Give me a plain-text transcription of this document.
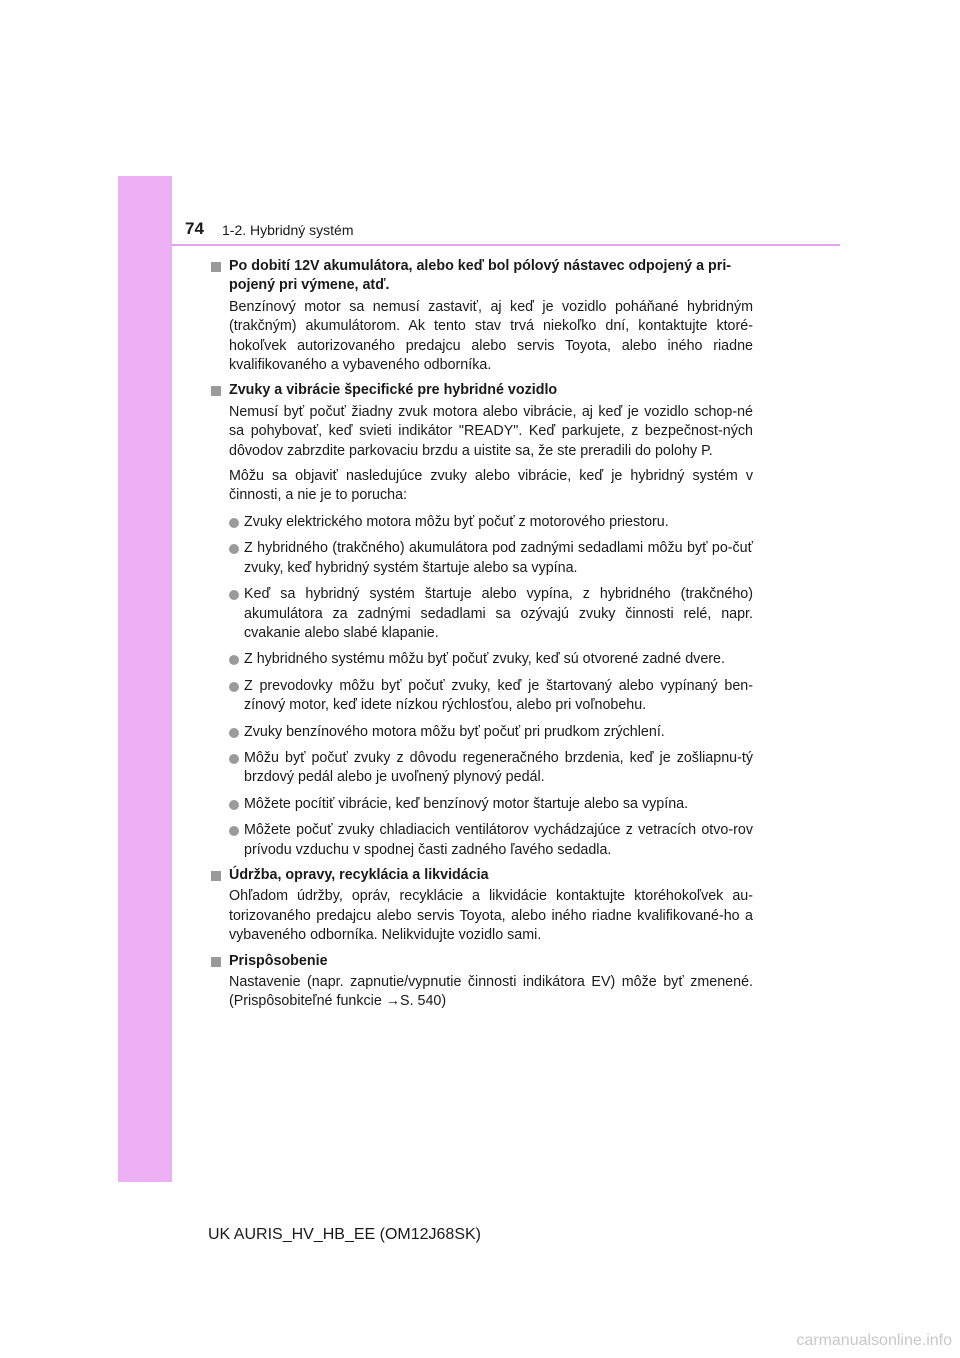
74 1-2. Hybridný systém
Po dobití 12V akumulátora, alebo keď bol pólový nástavec odpojený a pri-pojený pri výmene, atď.
Benzínový motor sa nemusí zastaviť, aj keď je vozidlo poháňané hybridným (trakčným) akumulátorom. Ak tento stav trvá niekoľko dní, kontaktujte ktoré-hokoľvek autorizovaného predajcu alebo servis Toyota, alebo iného riadne kvalifikovaného a vybaveného odborníka.
Zvuky a vibrácie špecifické pre hybridné vozidlo
Nemusí byť počuť žiadny zvuk motora alebo vibrácie, aj keď je vozidlo schop-né sa pohybovať, keď svieti indikátor "READY". Keď parkujete, z bezpečnost-ných dôvodov zabrzdite parkovaciu brzdu a uistite sa, že ste preradili do polohy P.
Môžu sa objaviť nasledujúce zvuky alebo vibrácie, keď je hybridný systém v činnosti, a nie je to porucha:
Zvuky elektrického motora môžu byť počuť z motorového priestoru.
Z hybridného (trakčného) akumulátora pod zadnými sedadlami môžu byť po-čuť zvuky, keď hybridný systém štartuje alebo sa vypína.
Keď sa hybridný systém štartuje alebo vypína, z hybridného (trakčného) akumulátora za zadnými sedadlami sa ozývajú zvuky činnosti relé, napr. cvakanie alebo slabé klapanie.
Z hybridného systému môžu byť počuť zvuky, keď sú otvorené zadné dvere.
Z prevodovky môžu byť počuť zvuky, keď je štartovaný alebo vypínaný ben-zínový motor, keď idete nízkou rýchlosťou, alebo pri voľnobehu.
Zvuky benzínového motora môžu byť počuť pri prudkom zrýchlení.
Môžu byť počuť zvuky z dôvodu regeneračného brzdenia, keď je zošliapnu-tý brzdový pedál alebo je uvoľnený plynový pedál.
Môžete pocítiť vibrácie, keď benzínový motor štartuje alebo sa vypína.
Môžete počuť zvuky chladiacich ventilátorov vychádzajúce z vetracích otvo-rov prívodu vzduchu v spodnej časti zadného ľavého sedadla.
Údržba, opravy, recyklácia a likvidácia
Ohľadom údržby, opráv, recyklácie a likvidácie kontaktujte ktoréhokoľvek au-torizovaného predajcu alebo servis Toyota, alebo iného riadne kvalifikované-ho a vybaveného odborníka. Nelikvidujte vozidlo sami.
Prispôsobenie
Nastavenie (napr. zapnutie/vypnutie činnosti indikátora EV) môže byť zmenené. (Prispôsobiteľné funkcie →S. 540)
UK AURIS_HV_HB_EE (OM12J68SK)
carmanualsonline.info
